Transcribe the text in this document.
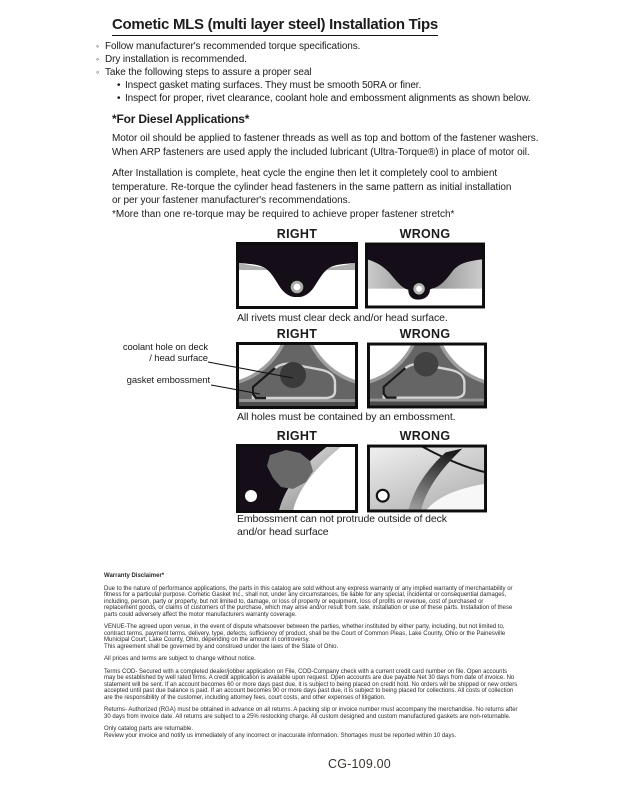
Cometic MLS (multi layer steel) Installation Tips
◦ Follow manufacturer's recommended torque specifications.
◦ Dry installation is recommended.
◦ Take the following steps to assure a proper seal
• Inspect gasket mating surfaces. They must be smooth 50RA or finer.
• Inspect for proper, rivet clearance, coolant hole and embossment alignments as shown below.
*For Diesel Applications*
Motor oil should be applied to fastener threads as well as top and bottom of the fastener washers.
When ARP fasteners are used apply the included lubricant (Ultra-Torque®) in place of motor oil.
After Installation is complete, heat cycle the engine then let it completely cool to ambient
temperature. Re-torque the cylinder head fasteners in the same pattern as initial installation
or per your fastener manufacturer's recommendations.
*More than one re-torque may be required to achieve proper fastener stretch*
RIGHT	WRONG
All rivets must clear deck and/or head surface.
RIGHT	WRONG
coolant hole on deck / head surface
gasket embossment
All holes must be contained by an embossment.
RIGHT	WRONG
Embossment can not protrude outside of deck and/or head surface

Warranty Disclaimer*

Due to the nature of performance applications, the parts in this catalog are sold without any express warranty or any implied warranty of merchantability or fitness for a particular purpose. Cometic Gasket Inc., shall not, under any circumstances, be liable for any special, incidental or consequential damages, including, person, party or property, but not limited to, damage, or loss of property or equipment, loss of profits or revenue, cost of purchased or replacement goods, or claims of customers of the purchase, which may arise and/or result from sale, installation or use of these parts. Installation of these parts could adversely affect the motor manufacturers warranty coverage.

VENUE-The agreed upon venue, in the event of dispute whatsoever between the parties, whether instituted by either party, including, but not limited to, contract terms, payment terms, delivery, type, defects, sufficiency of product, shall be the Court of Common Pleas, Lake County, Ohio or the Painesville Municipal Court, Lake County, Ohio, depending on the amount in controversy.

This agreement shall be governed by and construed under the laws of the State of Ohio.

All prices and terms are subject to change without notice.

Terms COD- Secured with a completed dealer/jobber application on File, COD-Company check with a current credit card number on file. Open accounts may be established by well rated firms. A credit application is available upon request. Open accounts are due payable Net 30 days from date of invoice. No statement will be sent. If an account becomes 60 or more days past due, it is subject to being placed on credit hold. No orders will be shipped or new orders accepted until past due balance is paid. If an account becomes 90 or more days past due, it is subject to being placed for collections. All costs of collection are the responsibility of the customer, including attorney fees, court costs, and other expenses of litigation.

Returns- Authorized (RGA) must be obtained in advance on all returns. A packing slip or invoice number must accompany the merchandise. No returns after 30 days from invoice date. All returns are subject to a 25% restocking charge. All custom designed and custom manufactured gaskets are non-returnable.

Only catalog parts are returnable.

Review your invoice and notify us immediately of any incorrect or inaccurate information. Shortages must be reported within 10 days.

CG-109.00
